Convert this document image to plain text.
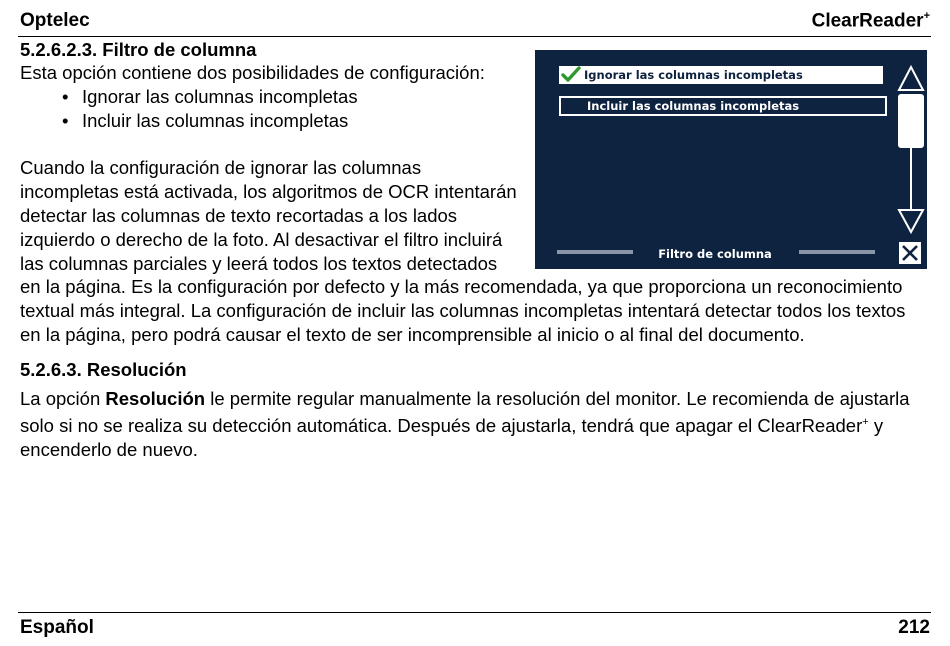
Optelec	ClearReader+
Ignorar las columnas incompletas
Incluir las columnas incompletas
Filtro de columna
5.2.6.2.3. Filtro de columna

Esta opción contiene dos posibilidades de configuración:

• Ignorar las columnas incompletas
• Incluir las columnas incompletas

Cuando la configuración de ignorar las columnas incompletas está activada, los algoritmos de OCR intentarán detectar las columnas de texto recortadas a los lados izquierdo o derecho de la foto. Al desactivar el filtro incluirá las columnas parciales y leerá todos los textos detectados en la página. Es la configuración por defecto y la más recomendada, ya que proporciona un reconocimiento textual más integral. La configuración de incluir las columnas incompletas intentará detectar todos los textos en la página, pero podrá causar el texto de ser incomprensible al inicio o al final del documento.

5.2.6.3. Resolución

La opción Resolución le permite regular manualmente la resolución del monitor. Le recomienda de ajustarla solo si no se realiza su detección automática. Después de ajustarla, tendrá que apagar el ClearReader+ y encenderlo de nuevo.

Español	212
